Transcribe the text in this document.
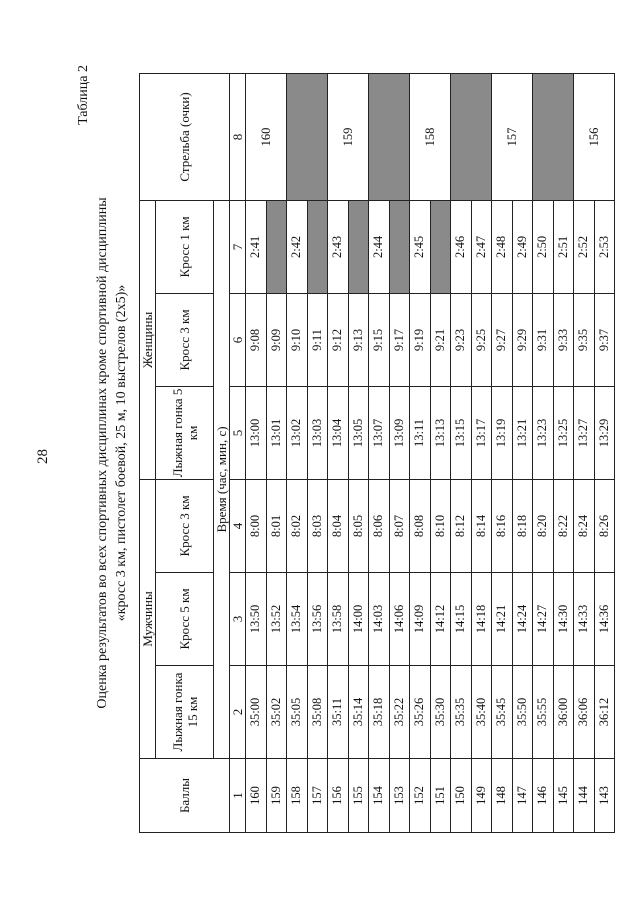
28
Таблица 2
Оценка результатов во всех спортивных дисциплинах кроме спортивной дисциплины «кросс 3 км, пистолет боевой, 25 м, 10 выстрелов (2х5)»
Баллы	Мужчины			Женщины			Стрельба (очки)
	Лыжная гонка 15 км	Кросс 5 км	Кросс 3 км	Лыжная гонка 5 км	Кросс 3 км	Кросс 1 км	
	Время (час, мин, с)						
1	2	3	4	5	6	7	8
160	35:00	13:50	8:00	13:00	9:08	2:41	160
159	35:02	13:52	8:01	13:01	9:09		
158	35:05	13:54	8:02	13:02	9:10	2:42	
157	35:08	13:56	8:03	13:03	9:11		
156	35:11	13:58	8:04	13:04	9:12	2:43	159
155	35:14	14:00	8:05	13:05	9:13		
154	35:18	14:03	8:06	13:07	9:15	2:44	
153	35:22	14:06	8:07	13:09	9:17		
152	35:26	14:09	8:08	13:11	9:19	2:45	158
151	35:30	14:12	8:10	13:13	9:21		
150	35:35	14:15	8:12	13:15	9:23	2:46	
149	35:40	14:18	8:14	13:17	9:25	2:47	
148	35:45	14:21	8:16	13:19	9:27	2:48	157
147	35:50	14:24	8:18	13:21	9:29	2:49	
146	35:55	14:27	8:20	13:23	9:31	2:50	
145	36:00	14:30	8:22	13:25	9:33	2:51	
144	36:06	14:33	8:24	13:27	9:35	2:52	156
143	36:12	14:36	8:26	13:29	9:37	2:53	
